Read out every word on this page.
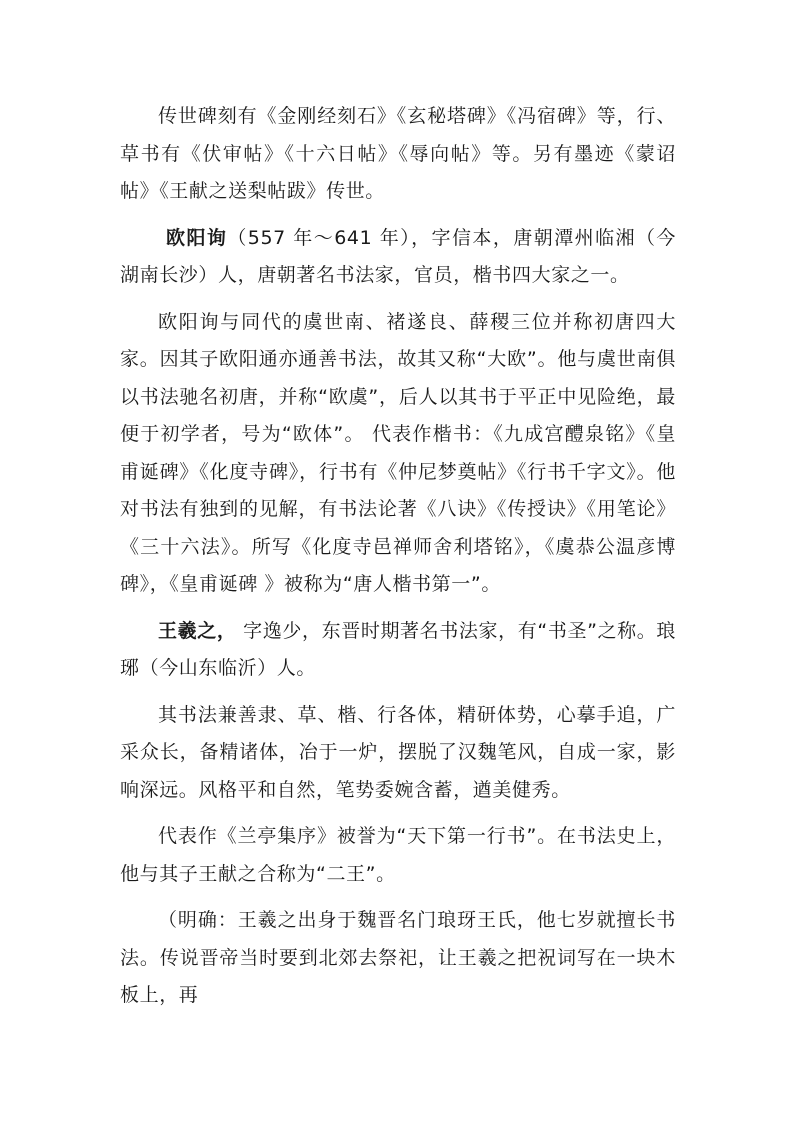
传世碑刻有《金刚经刻石》《玄秘塔碑》《冯宿碑》等，行、草书有《伏审帖》《十六日帖》《辱向帖》等。另有墨迹《蒙诏帖》《王献之送梨帖跋》传世。

欧阳询（557 年～641 年），字信本，唐朝潭州临湘（今湖南长沙）人，唐朝著名书法家，官员，楷书四大家之一。

欧阳询与同代的虞世南、褚遂良、薛稷三位并称初唐四大家。因其子欧阳通亦通善书法，故其又称“大欧”。他与虞世南俱以书法驰名初唐，并称“欧虞”，后人以其书于平正中见险绝，最便于初学者，号为“欧体”。 代表作楷书：《九成宫醴泉铭》《皇甫诞碑》《化度寺碑》，行书有《仲尼梦奠帖》《行书千字文》。他对书法有独到的见解，有书法论著《八诀》《传授诀》《用笔论》《三十六法》。所写《化度寺邑禅师舍利塔铭》，《虞恭公温彦博碑》，《皇甫诞碑 》被称为“唐人楷书第一”。

王羲之， 字逸少，东晋时期著名书法家，有“书圣”之称。琅琊（今山东临沂）人。

其书法兼善隶、草、楷、行各体，精研体势，心摹手追，广采众长，备精诸体，冶于一炉，摆脱了汉魏笔风，自成一家，影响深远。风格平和自然，笔势委婉含蓄，遒美健秀。

代表作《兰亭集序》被誉为“天下第一行书”。在书法史上，他与其子王献之合称为“二王”。

（明确：王羲之出身于魏晋名门琅玡王氏，他七岁就擅长书法。传说晋帝当时要到北郊去祭祀，让王羲之把祝词写在一块木板上，再
